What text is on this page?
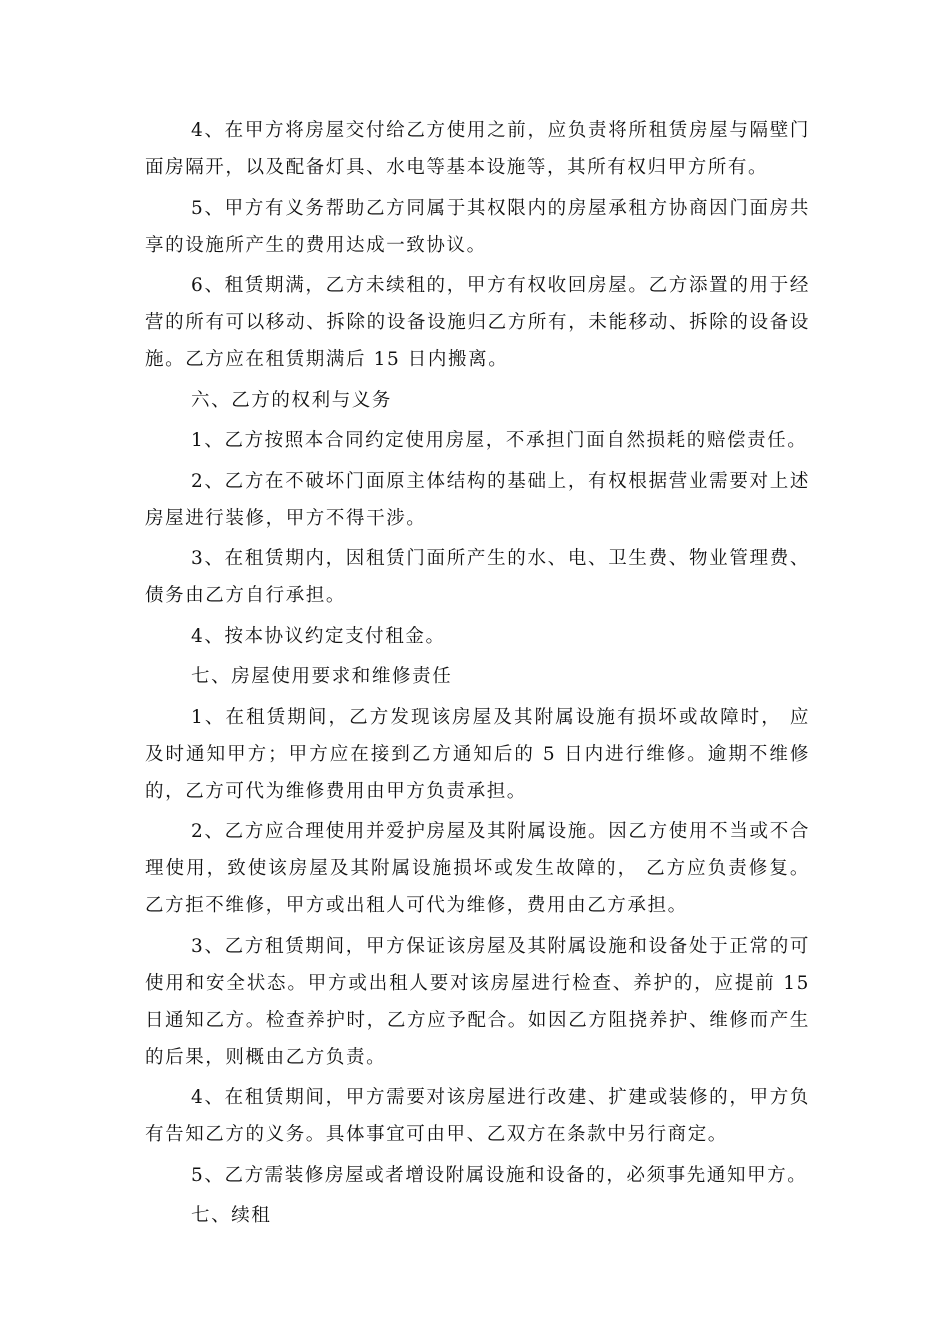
4、在甲方将房屋交付给乙方使用之前，应负责将所租赁房屋与隔壁门面房隔开，以及配备灯具、水电等基本设施等，其所有权归甲方所有。

5、甲方有义务帮助乙方同属于其权限内的房屋承租方协商因门面房共享的设施所产生的费用达成一致协议。

6、租赁期满，乙方未续租的，甲方有权收回房屋。乙方添置的用于经营的所有可以移动、拆除的设备设施归乙方所有，未能移动、拆除的设备设施。乙方应在租赁期满后 15 日内搬离。

六、乙方的权利与义务

1、乙方按照本合同约定使用房屋，不承担门面自然损耗的赔偿责任。

2、乙方在不破坏门面原主体结构的基础上，有权根据营业需要对上述房屋进行装修，甲方不得干涉。

3、在租赁期内，因租赁门面所产生的水、电、卫生费、物业管理费、债务由乙方自行承担。

4、按本协议约定支付租金。

七、房屋使用要求和维修责任

1、在租赁期间，乙方发现该房屋及其附属设施有损坏或故障时， 应及时通知甲方；甲方应在接到乙方通知后的 5 日内进行维修。逾期不维修的，乙方可代为维修费用由甲方负责承担。

2、乙方应合理使用并爱护房屋及其附属设施。因乙方使用不当或不合理使用，致使该房屋及其附属设施损坏或发生故障的， 乙方应负责修复。乙方拒不维修，甲方或出租人可代为维修，费用由乙方承担。

3、乙方租赁期间，甲方保证该房屋及其附属设施和设备处于正常的可使用和安全状态。甲方或出租人要对该房屋进行检查、养护的，应提前 15 日通知乙方。检查养护时，乙方应予配合。如因乙方阻挠养护、维修而产生的后果，则概由乙方负责。

4、在租赁期间，甲方需要对该房屋进行改建、扩建或装修的，甲方负有告知乙方的义务。具体事宜可由甲、乙双方在条款中另行商定。

5、乙方需装修房屋或者增设附属设施和设备的，必须事先通知甲方。

七、续租
